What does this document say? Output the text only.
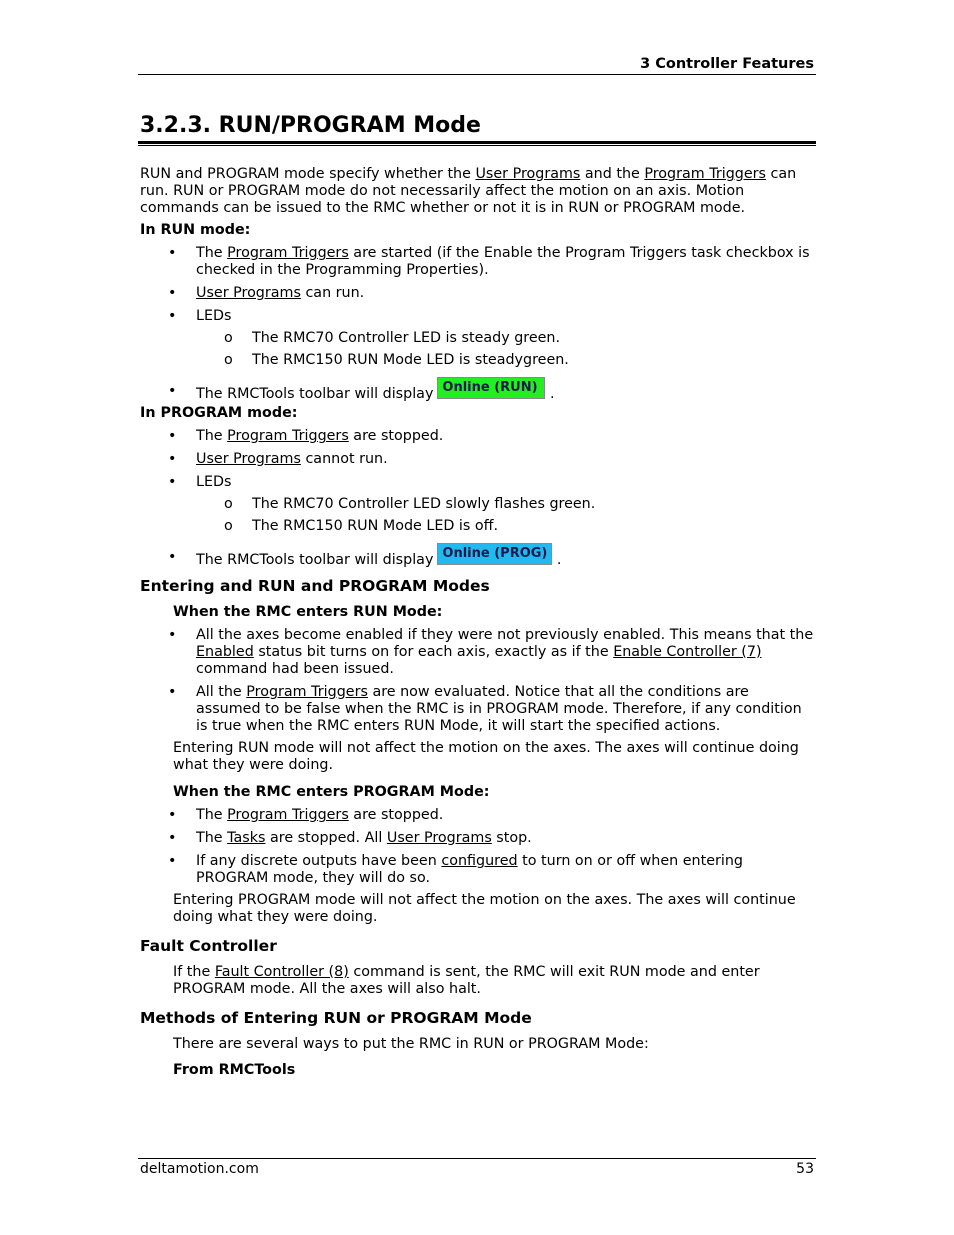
3 Controller Features
3.2.3. RUN/PROGRAM Mode

RUN and PROGRAM mode specify whether the User Programs and the Program Triggers can run. RUN or PROGRAM mode do not necessarily affect the motion on an axis. Motion commands can be issued to the RMC whether or not it is in RUN or PROGRAM mode.

In RUN mode:
• The Program Triggers are started (if the Enable the Program Triggers task checkbox is checked in the Programming Properties).
• User Programs can run.
• LEDs
o The RMC70 Controller LED is steady green.
o The RMC150 RUN Mode LED is steadygreen.
• The RMCTools toolbar will display Online (RUN) .
In PROGRAM mode:
• The Program Triggers are stopped.
• User Programs cannot run.
• LEDs
o The RMC70 Controller LED slowly flashes green.
o The RMC150 RUN Mode LED is off.
• The RMCTools toolbar will display Online (PROG) .
Entering and RUN and PROGRAM Modes
When the RMC enters RUN Mode:
• All the axes become enabled if they were not previously enabled. This means that the Enabled status bit turns on for each axis, exactly as if the Enable Controller (7) command had been issued.
• All the Program Triggers are now evaluated. Notice that all the conditions are assumed to be false when the RMC is in PROGRAM mode. Therefore, if any condition is true when the RMC enters RUN Mode, it will start the specified actions.

Entering RUN mode will not affect the motion on the axes. The axes will continue doing what they were doing.

When the RMC enters PROGRAM Mode:
• The Program Triggers are stopped.
• The Tasks are stopped. All User Programs stop.
• If any discrete outputs have been configured to turn on or off when entering PROGRAM mode, they will do so.

Entering PROGRAM mode will not affect the motion on the axes. The axes will continue doing what they were doing.

Fault Controller

If the Fault Controller (8) command is sent, the RMC will exit RUN mode and enter PROGRAM mode. All the axes will also halt.

Methods of Entering RUN or PROGRAM Mode

There are several ways to put the RMC in RUN or PROGRAM Mode:

From RMCTools
deltamotion.com	53
